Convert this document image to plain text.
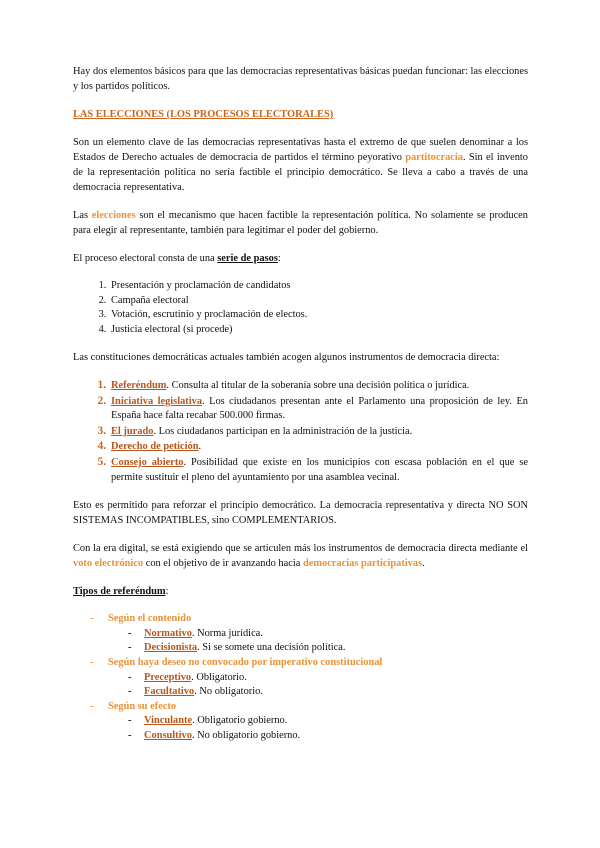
Hay dos elementos básicos para que las democracias representativas básicas puedan funcionar: las elecciones y los partidos políticos.

LAS ELECCIONES (LOS PROCESOS ELECTORALES)

Son un elemento clave de las democracias representativas hasta el extremo de que suelen denominar a los Estados de Derecho actuales de democracia de partidos el término peyorativo partitocracia. Sin el invento de la representación política no sería factible el principio democrático. Se lleva a cabo a través de una democracia representativa.

Las elecciones son el mecanismo que hacen factible la representación política. No solamente se producen para elegir al representante, también para legitimar el poder del gobierno.

El proceso electoral consta de una serie de pasos:

1. Presentación y proclamación de candidatos
2. Campaña electoral
3. Votación, escrutinio y proclamación de electos.
4. Justicia electoral (si procede)

Las constituciones democráticas actuales también acogen algunos instrumentos de democracia directa:

1. Referéndum. Consulta al titular de la soberanía sobre una decisión política o jurídica.
2. Iniciativa legislativa. Los ciudadanos presentan ante el Parlamento una proposición de ley. En España hace falta recabar 500.000 firmas.
3. El jurado. Los ciudadanos participan en la administración de la justicia.
4. Derecho de petición.
5. Consejo abierto. Posibilidad que existe en los municipios con escasa población en el que se permite sustituir el pleno del ayuntamiento por una asamblea vecinal.

Esto es permitido para reforzar el principio democrático. La democracia representativa y directa NO SON SISTEMAS INCOMPATIBLES, sino COMPLEMENTARIOS.

Con la era digital, se está exigiendo que se articulen más los instrumentos de democracia directa mediante el voto electrónico con el objetivo de ir avanzando hacia democracias participativas.

Tipos de referéndum:

- Según el contenido
- Normativo. Norma jurídica.
- Decisionista. Si se somete una decisión política.
- Según haya deseo no convocado por imperativo constitucional
- Preceptivo. Obligatorio.
- Facultativo. No obligatorio.
- Según su efecto
- Vinculante. Obligatorio gobierno.
- Consultivo. No obligatorio gobierno.
